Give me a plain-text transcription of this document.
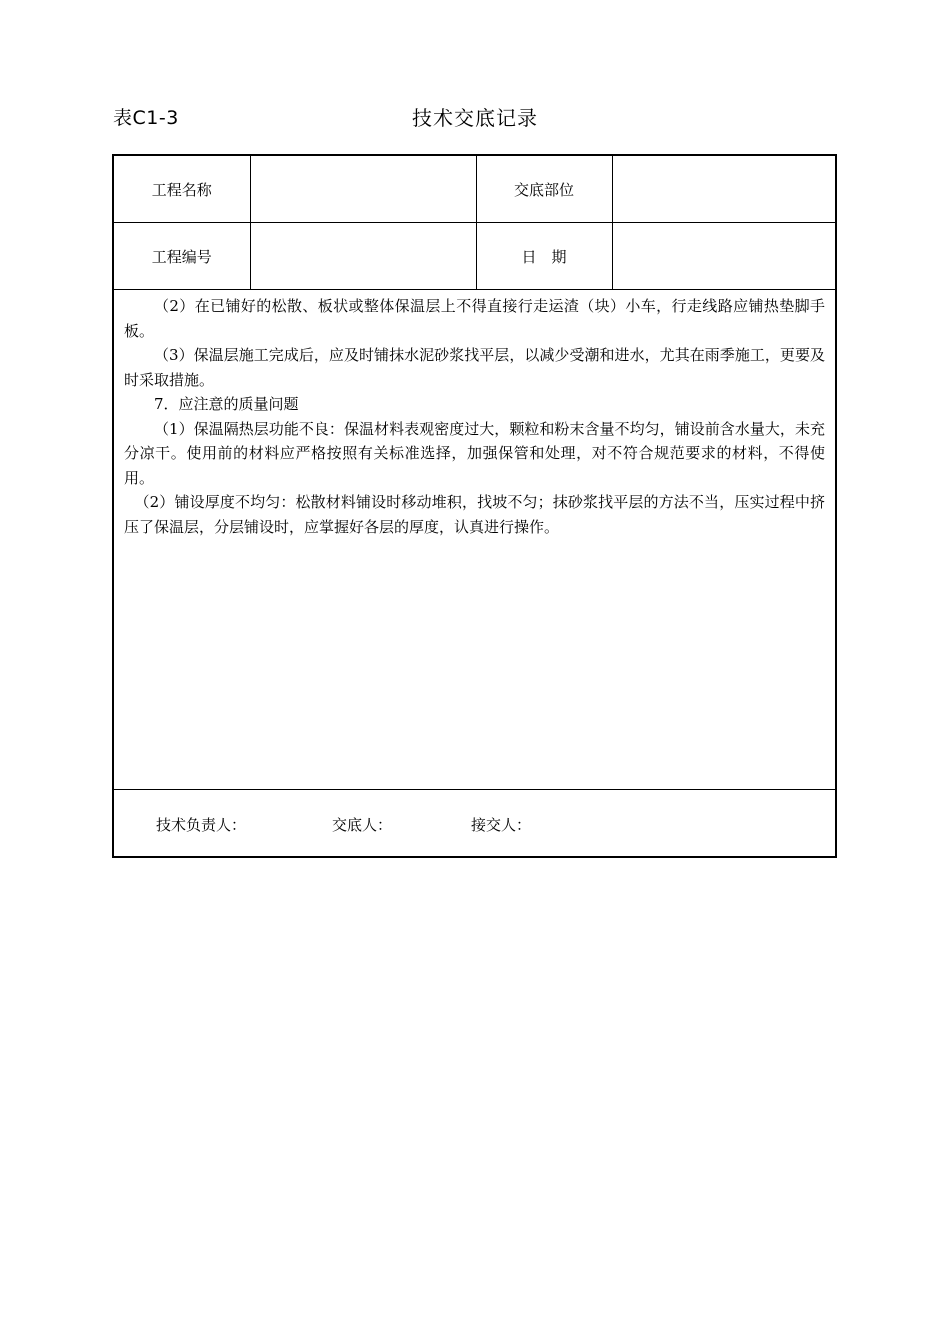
表C1-3	技术交底记录
工程名称		交底部位	
工程编号		日　期	

（2）在已铺好的松散、板状或整体保温层上不得直接行走运渣（块）小车，行走线路应铺热垫脚手板。

（3）保温层施工完成后，应及时铺抹水泥砂浆找平层，以减少受潮和进水，尤其在雨季施工，更要及时采取措施。

7．应注意的质量问题

（1）保温隔热层功能不良：保温材料表观密度过大，颗粒和粉末含量不均匀，铺设前含水量大，未充分凉干。使用前的材料应严格按照有关标准选择，加强保管和处理，对不符合规范要求的材料，不得使用。

（2）铺设厚度不均匀：松散材料铺设时移动堆积，找坡不匀；抹砂浆找平层的方法不当，压实过程中挤压了保温层，分层铺设时，应掌握好各层的厚度，认真进行操作。

技术负责人：	交底人：	接交人：
